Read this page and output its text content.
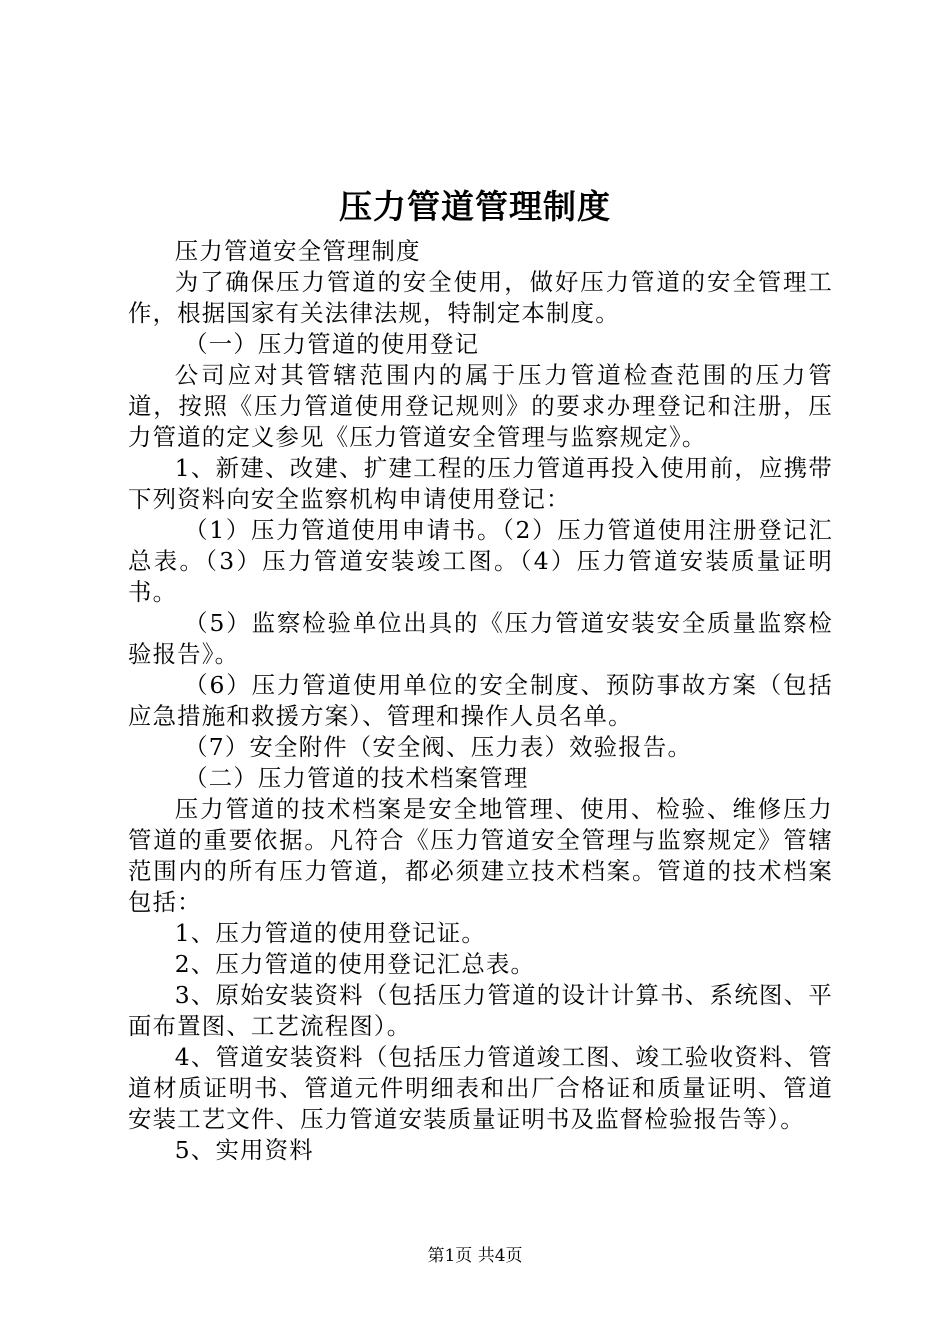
压力管道管理制度

压力管道安全管理制度

为了确保压力管道的安全使用，做好压力管道的安全管理工作，根据国家有关法律法规，特制定本制度。

（一）压力管道的使用登记

公司应对其管辖范围内的属于压力管道检查范围的压力管道，按照《压力管道使用登记规则》的要求办理登记和注册，压力管道的定义参见《压力管道安全管理与监察规定》。

1、新建、改建、扩建工程的压力管道再投入使用前，应携带下列资料向安全监察机构申请使用登记：

（1）压力管道使用申请书。（2）压力管道使用注册登记汇总表。（3）压力管道安装竣工图。（4）压力管道安装质量证明书。

（5）监察检验单位出具的《压力管道安装安全质量监察检验报告》。

（6）压力管道使用单位的安全制度、预防事故方案（包括应急措施和救援方案）、管理和操作人员名单。

（7）安全附件（安全阀、压力表）效验报告。

（二）压力管道的技术档案管理

压力管道的技术档案是安全地管理、使用、检验、维修压力管道的重要依据。凡符合《压力管道安全管理与监察规定》管辖范围内的所有压力管道，都必须建立技术档案。管道的技术档案包括：

1、压力管道的使用登记证。

2、压力管道的使用登记汇总表。

3、原始安装资料（包括压力管道的设计计算书、系统图、平面布置图、工艺流程图）。

4、管道安装资料（包括压力管道竣工图、竣工验收资料、管道材质证明书、管道元件明细表和出厂合格证和质量证明、管道安装工艺文件、压力管道安装质量证明书及监督检验报告等）。

5、实用资料

第1页 共4页
